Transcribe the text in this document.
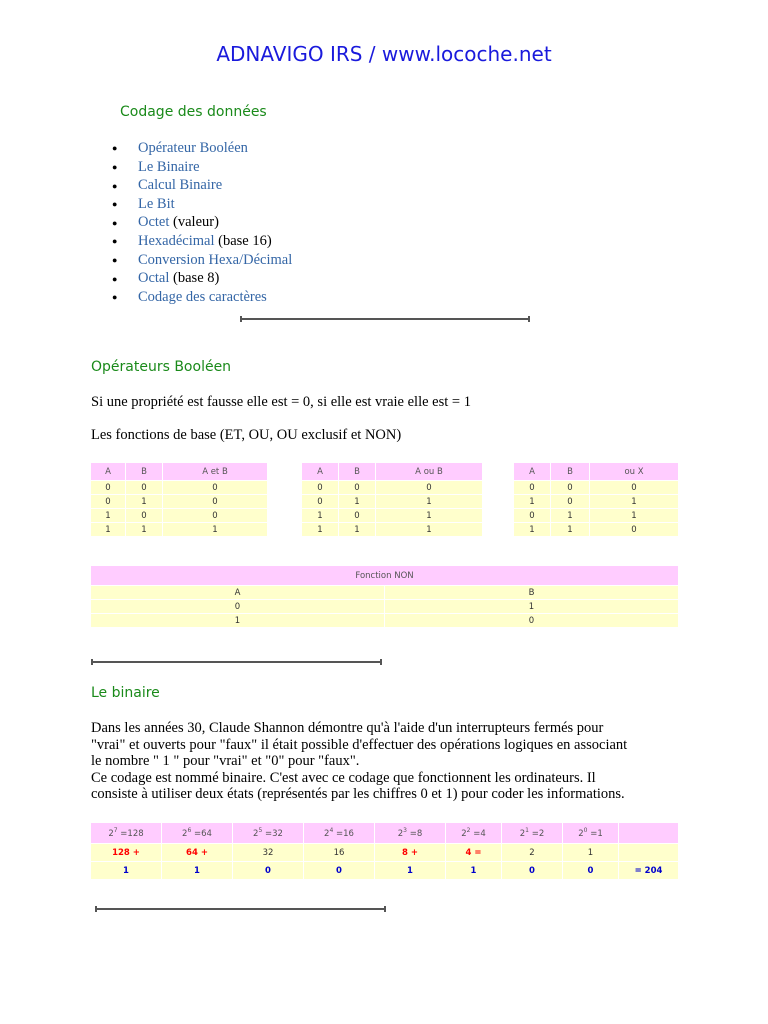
ADNAVIGO IRS / www.locoche.net
Codage des données
● Opérateur Booléen
● Le Binaire
● Calcul Binaire
● Le Bit
● Octet (valeur)
● Hexadécimal (base 16)
● Conversion Hexa/Décimal
● Octal (base 8)
● Codage des caractères
Opérateurs Booléen
Si une propriété est fausse elle est = 0, si elle est vraie elle est = 1
Les fonctions de base (ET, OU, OU exclusif et NON)
A	B	A et B
0	0	0
0	1	0
1	0	0
1	1	1
A	B	A ou B
0	0	0
0	1	1
1	0	1
1	1	1
A	B	ou X
0	0	0
1	0	1
0	1	1
1	1	0
Fonction NON	
A	B
0	1
1	0
Le binaire
Dans les années 30, Claude Shannon démontre qu'à l'aide d'un interrupteurs fermés pour
"vrai" et ouverts pour "faux" il était possible d'effectuer des opérations logiques en associant
le nombre " 1 " pour "vrai" et "0" pour "faux".
Ce codage est nommé binaire. C'est avec ce codage que fonctionnent les ordinateurs. Il
consiste à utiliser deux états (représentés par les chiffres 0 et 1) pour coder les informations.
$2^7 =128$	$2^6 =64$	$2^5 =32$	$2^4 =16$	$2^3 =8$	$2^2 =4$	$2^1 =2$	$2^0 =1$	
128 +	64 +	32	16	8 +	4 =	2	1	
1	1	0	0	1	1	0	0	= 204
